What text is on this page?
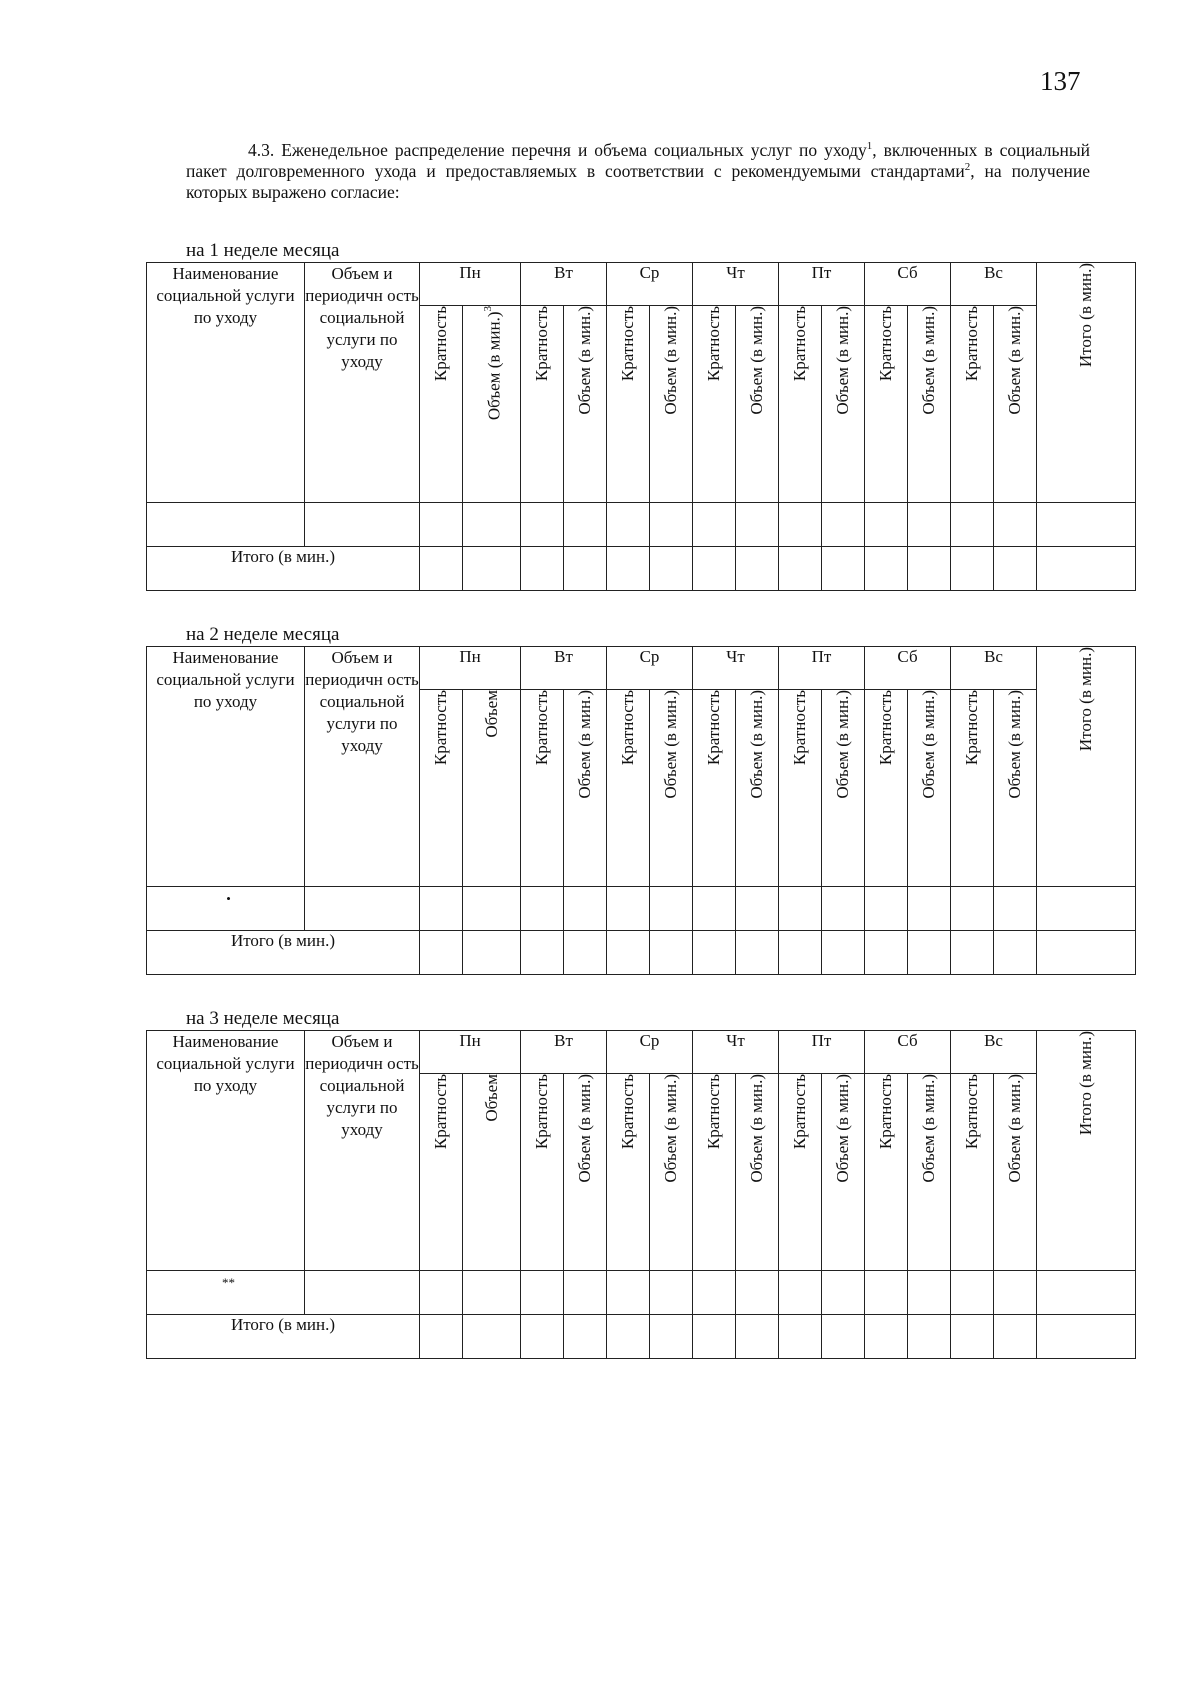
137

4.3. Еженедельное распределение перечня и объема социальных услуг по уходу$^1$, включенных в социальный пакет долговременного ухода и предоставляемых в соответствии с рекомендуемыми стандартами$^2$, на получение которых выражено согласие:

на 1 неделе месяца
Наименование социальной услуги по уходу	Объем и периодичн ость социальной услуги по уходу	Пн		Вт		Ср		Чт		Пт		Сб		Вс		Итого (в мин.)
		Кратность	Объем (в мин.)$^3$	Кратность	Объем (в мин.)	Кратность	Объем (в мин.)	Кратность	Объем (в мин.)	Кратность	Объем (в мин.)	Кратность	Объем (в мин.)	Кратность	Объем (в мин.)	

Итого (в мин.)																
на 2 неделе месяца
Наименование социальной услуги по уходу	Объем и периодичн ость социальной услуги по уходу	Пн		Вт		Ср		Чт		Пт		Сб		Вс		Итого (в мин.)
		Кратность	Объем	Кратность	Объем (в мин.)	Кратность	Объем (в мин.)	Кратность	Объем (в мин.)	Кратность	Объем (в мин.)	Кратность	Объем (в мин.)	Кратность	Объем (в мин.)	
•																
Итого (в мин.)																
на 3 неделе месяца
Наименование социальной услуги по уходу	Объем и периодичн ость социальной услуги по уходу	Пн		Вт		Ср		Чт		Пт		Сб		Вс		Итого (в мин.)
		Кратность	Объем	Кратность	Объем (в мин.)	Кратность	Объем (в мин.)	Кратность	Объем (в мин.)	Кратность	Объем (в мин.)	Кратность	Объем (в мин.)	Кратность	Объем (в мин.)	
**																
Итого (в мин.)																
